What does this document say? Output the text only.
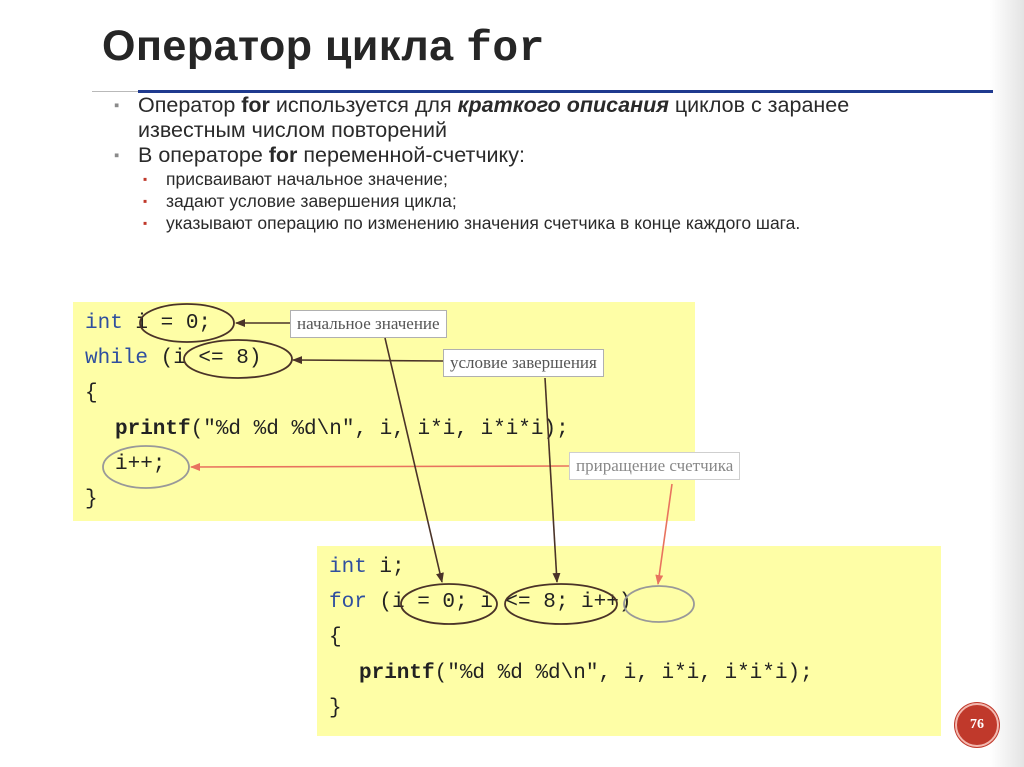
Оператор цикла for
▪ Оператор for используется для краткого описания циклов с заранее известным числом повторений
▪ В операторе for переменной-счетчику:
▪ присваивают начальное значение;
▪ задают условие завершения цикла;
▪ указывают операцию по изменению значения счетчика в конце каждого шага.
int i = 0;
while (i <= 8)
{
printf("%d %d %d\n", i, i*i, i*i*i);
i++;
}
int i;
for (i = 0; i <= 8; i++)
{
printf("%d %d %d\n", i, i*i, i*i*i);
}
начальное значение
условие завершения
приращение счетчика
76
